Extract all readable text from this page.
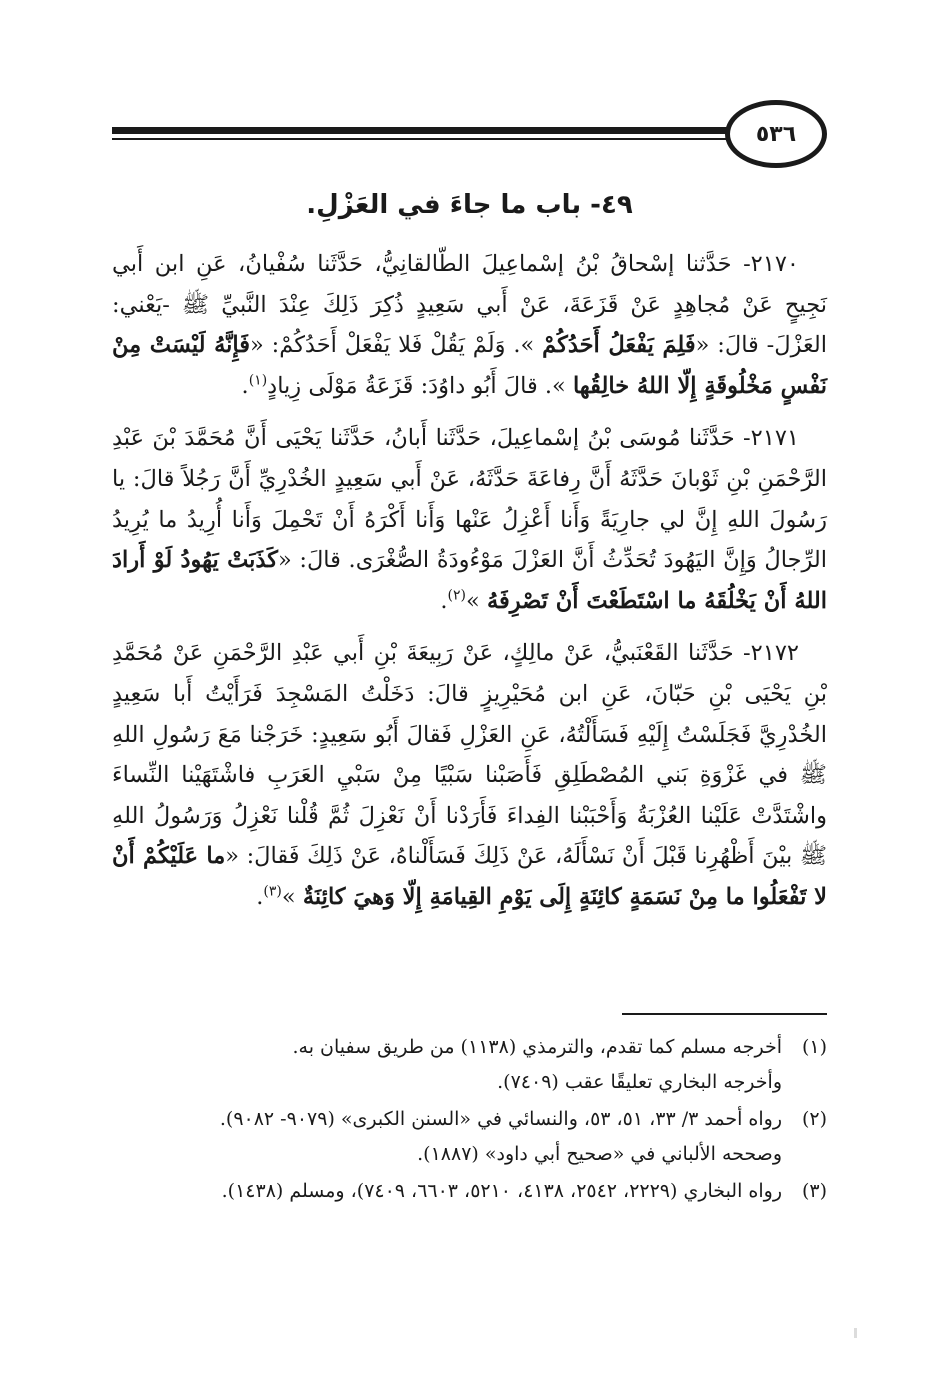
٥٣٦
٤٩- باب ما جاءَ في العَزْلِ.

٢١٧٠- حَدَّثنا إسْحاقُ بْنُ إسْماعِيلَ الطّالقانِيُّ، حَدَّثَنا سُفْيانُ، عَنِ ابن أَبي نَجِيحٍ عَنْ مُجاهِدٍ عَنْ قَزَعَةَ، عَنْ أَبي سَعِيدٍ ذُكِرَ ذَلِكَ عِنْدَ النَّبيِّ ﷺ -يَعْني: العَزْلَ- قالَ: «فَلِمَ يَفْعَلُ أَحَدُكُمْ ». وَلَمْ يَقُلْ فَلا يَفْعَلْ أَحَدُكُمْ: «فَإِنَّهُ لَيْسَتْ مِنْ نَفْسٍ مَخْلُوقَةٍ إِلّا اللهُ خالِقُها ». قالَ أَبُو داوُدَ: قَزَعَةُ مَوْلَى زِيادٍ$^{(١)}$.

٢١٧١- حَدَّثَنا مُوسَى بْنُ إسْماعِيلَ، حَدَّثَنا أَبانُ، حَدَّثَنا يَحْيَى أَنَّ مُحَمَّدَ بْنَ عَبْدِ الرَّحْمَنِ بْنِ ثَوْبانَ حَدَّثَهُ أَنَّ رِفاعَةَ حَدَّثَهُ، عَنْ أَبي سَعِيدٍ الخُدْرِيِّ أَنَّ رَجُلاً قالَ: يا رَسُولَ اللهِ إِنَّ لي جارِيَةً وَأَنا أَعْزِلُ عَنْها وَأَنا أَكْرَهُ أَنْ تَحْمِلَ وَأَنا أُرِيدُ ما يُرِيدُ الرِّجالُ وَإِنَّ اليَهُودَ تُحَدِّثُ أَنَّ العَزْلَ مَوْءُودَةُ الصُّغْرَى. قالَ: «كَذَبَتْ يَهُودُ لَوْ أَرادَ اللهُ أَنْ يَخْلُقَهُ ما اسْتَطَعْتَ أَنْ تَصْرِفَهُ »$^{(٢)}$.

٢١٧٢- حَدَّثَنا القَعْنَبيُّ، عَنْ مالِكٍ، عَنْ رَبِيعَةَ بْنِ أَبي عَبْدِ الرَّحْمَنِ عَنْ مُحَمَّدِ بْنِ يَحْيَى بْنِ حَبّانَ، عَنِ ابن مُحَيْرِيزٍ قالَ: دَخَلْتُ المَسْجِدَ فَرَأَيْتُ أَبا سَعِيدٍ الخُدْرِيَّ فَجَلَسْتُ إِلَيْهِ فَسَأَلْتُهُ، عَنِ العَزْلِ فَقالَ أَبُو سَعِيدٍ: خَرَجْنا مَعَ رَسُولِ اللهِ ﷺ في غَزْوَةِ بَني المُصْطَلِقِ فَأَصَبْنا سَبْيًا مِنْ سَبْيِ العَرَبِ فاشْتَهَيْنا النِّساءَ واشْتَدَّتْ عَلَيْنا العُزْبَةُ وَأَحْبَبْنا الفِداءَ فَأَرَدْنا أَنْ نَعْزِلَ ثُمَّ قُلْنا نَعْزِلُ وَرَسُولُ اللهِ ﷺ بيْنَ أَظْهُرِنا قَبْلَ أَنْ نَسْأَلَهُ، عَنْ ذَلِكَ فَسَأَلْناهُ، عَنْ ذَلِكَ فَقالَ: «ما عَلَيْكُمْ أَنْ لا تَفْعَلُوا ما مِنْ نَسَمَةٍ كائِنَةٍ إِلَى يَوْمِ القِيامَةِ إِلّا وَهيَ كائِنَةٌ »$^{(٣)}$.

(١)

أخرجه مسلم كما تقدم، والترمذي (١١٣٨) من طريق سفيان به.

وأخرجه البخاري تعليقًا عقب (٧٤٠٩).

(٢)

رواه أحمد ٣/ ٣٣، ٥١، ٥٣، والنسائي في «السنن الكبرى» (٩٠٧٩- ٩٠٨٢).

وصححه الألباني في «صحيح أبي داود» (١٨٨٧).

(٣)

رواه البخاري (٢٢٢٩، ٢٥٤٢، ٤١٣٨، ٥٢١٠، ٦٦٠٣، ٧٤٠٩)، ومسلم (١٤٣٨).
